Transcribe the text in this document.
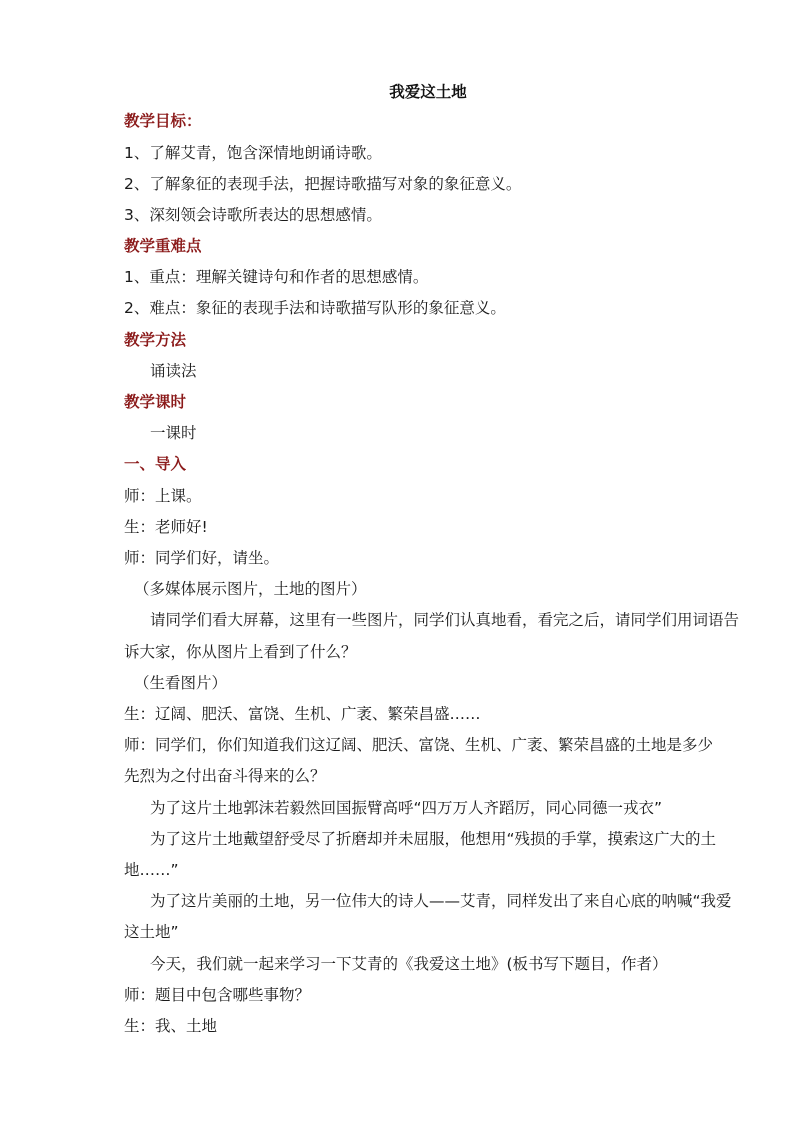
我爱这土地
教学目标：
1、了解艾青，饱含深情地朗诵诗歌。
2、了解象征的表现手法，把握诗歌描写对象的象征意义。
3、深刻领会诗歌所表达的思想感情。
教学重难点
1、重点：理解关键诗句和作者的思想感情。
2、难点：象征的表现手法和诗歌描写队形的象征意义。
教学方法
诵读法
教学课时
一课时
一、导入
师：上课。
生：老师好!
师：同学们好，请坐。
（多媒体展示图片，土地的图片）
请同学们看大屏幕，这里有一些图片，同学们认真地看，看完之后，请同学们用词语告
诉大家，你从图片上看到了什么？
（生看图片）
生：辽阔、肥沃、富饶、生机、广袤、繁荣昌盛……
师：同学们，你们知道我们这辽阔、肥沃、富饶、生机、广袤、繁荣昌盛的土地是多少
先烈为之付出奋斗得来的么？
为了这片土地郭沫若毅然回国振臂高呼“四万万人齐蹈厉，同心同德一戎衣”
为了这片土地戴望舒受尽了折磨却并未屈服，他想用“残损的手掌，摸索这广大的土
地……”
为了这片美丽的土地，另一位伟大的诗人——艾青，同样发出了来自心底的呐喊“我爱
这土地”
今天，我们就一起来学习一下艾青的《我爱这土地》(板书写下题目，作者）
师：题目中包含哪些事物？
生：我、土地
